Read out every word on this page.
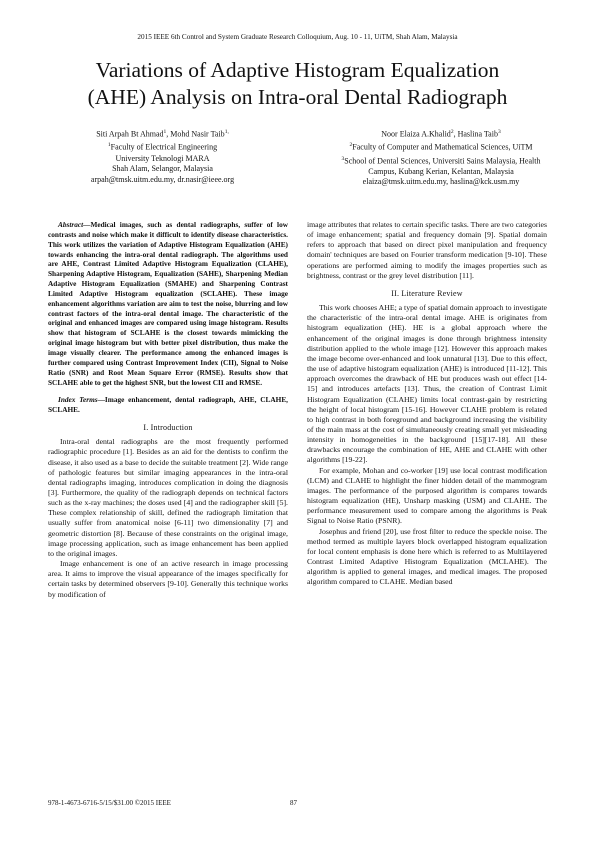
2015 IEEE 6th Control and System Graduate Research Colloquium, Aug. 10 - 11, UiTM, Shah Alam, Malaysia
Variations of Adaptive Histogram Equalization
(AHE) Analysis on Intra-oral Dental Radiograph
Siti Arpah Bt Ahmad$^1$, Mohd Nasir Taib$^{1,}$
$^1$Faculty of Electrical Engineering
University Teknologi MARA
Shah Alam, Selangor, Malaysia
arpah@tmsk.uitm.edu.my, dr.nasir@ieee.org
Noor Elaiza A.Khalid$^2$, Haslina Taib$^3$
$^2$Faculty of Computer and Mathematical Sciences, UiTM
$^3$School of Dental Sciences, Universiti Sains Malaysia, Health
Campus, Kubang Kerian, Kelantan, Malaysia
elaiza@tmsk.uitm.edu.my, haslina@kck.usm.my

Abstract—Medical images, such as dental radiographs, suffer of low contrasts and noise which make it difficult to identify disease characteristics. This work utilizes the variation of Adaptive Histogram Equalization (AHE) towards enhancing the intra-oral dental radiograph. The algorithms used are AHE, Contrast Limited Adaptive Histogram Equalization (CLAHE), Sharpening Adaptive Histogram, Equalization (SAHE), Sharpening Median Adaptive Histogram Equalization (SMAHE) and Sharpening Contrast Limited Adaptive Histogram equalization (SCLAHE). These image enhancement algorithms variation are aim to test the noise, blurring and low contrast factors of the intra-oral dental image. The characteristic of the original and enhanced images are compared using image histogram. Results show that histogram of SCLAHE is the closest towards mimicking the original image histogram but with better pixel distribution, thus make the image visually clearer. The performance among the enhanced images is further compared using Contrast Improvement Index (CII), Signal to Noise Ratio (SNR) and Root Mean Square Error (RMSE). Results show that SCLAHE able to get the highest SNR, but the lowest CII and RMSE.

Index Terms—Image enhancement, dental radiograph, AHE, CLAHE, SCLAHE.

I. Introduction

Intra-oral dental radiographs are the most frequently performed radiographic procedure [1]. Besides as an aid for the dentists to confirm the disease, it also used as a base to decide the suitable treatment [2]. Wide range of pathologic features but similar imaging appearances in the intra-oral dental radiographs imaging, introduces complication in doing the diagnosis [3]. Furthermore, the quality of the radiograph depends on technical factors such as the x-ray machines; the doses used [4] and the radiographer skill [5]. These complex relationship of skill, defined the radiograph limitation that usually suffer from anatomical noise [6-11] two dimensionality [7] and geometric distortion [8]. Because of these constraints on the original image, image processing application, such as image enhancement has been applied to the original images.

Image enhancement is one of an active research in image processing area. It aims to improve the visual appearance of the images specifically for certain tasks by determined observers [9-10]. Generally this technique works by modification of

image attributes that relates to certain specific tasks. There are two categories of image enhancement; spatial and frequency domain [9]. Spatial domain refers to approach that based on direct pixel manipulation and frequency domain' techniques are based on Fourier transform medication [9-10]. These operations are performed aiming to modify the images properties such as brightness, contrast or the grey level distribution [11].

II. Literature Review

This work chooses AHE; a type of spatial domain approach to investigate the characteristic of the intra-oral dental image. AHE is originates from histogram equalization (HE). HE is a global approach where the enhancement of the original images is done through brightness intensity distribution applied to the whole image [12]. However this approach makes the image become over-enhanced and look unnatural [13]. Due to this effect, the use of adaptive histogram equalization (AHE) is introduced [11-12]. This approach overcomes the drawback of HE but produces wash out effect [14-15] and introduces artefacts [13]. Thus, the creation of Contrast Limit Histogram Equalization (CLAHE) limits local contrast-gain by restricting the height of local histogram [15-16]. However CLAHE problem is related to high contrast in both foreground and background increasing the visibility of the main mass at the cost of simultaneously creating small yet misleading intensity in homogeneities in the background [15][17-18]. All these drawbacks encourage the combination of HE, AHE and CLAHE with other algorithms [19-22].

For example, Mohan and co-worker [19] use local contrast modification (LCM) and CLAHE to highlight the finer hidden detail of the mammogram images. The performance of the purposed algorithm is compares towards histogram equalization (HE), Unsharp masking (USM) and CLAHE. The performance measurement used to compare among the algorithms is Peak Signal to Noise Ratio (PSNR).

Josephus and friend [20], use frost filter to reduce the speckle noise. The method termed as multiple layers block overlapped histogram equalization for local content emphasis is done here which is referred to as Multilayered Contrast Limited Adaptive Histogram Equalization (MCLAHE). The algorithm is applied to general images, and medical images. The proposed algorithm compared to CLAHE. Median based

978-1-4673-6716-5/15/$31.00 ©2015 IEEE	87
